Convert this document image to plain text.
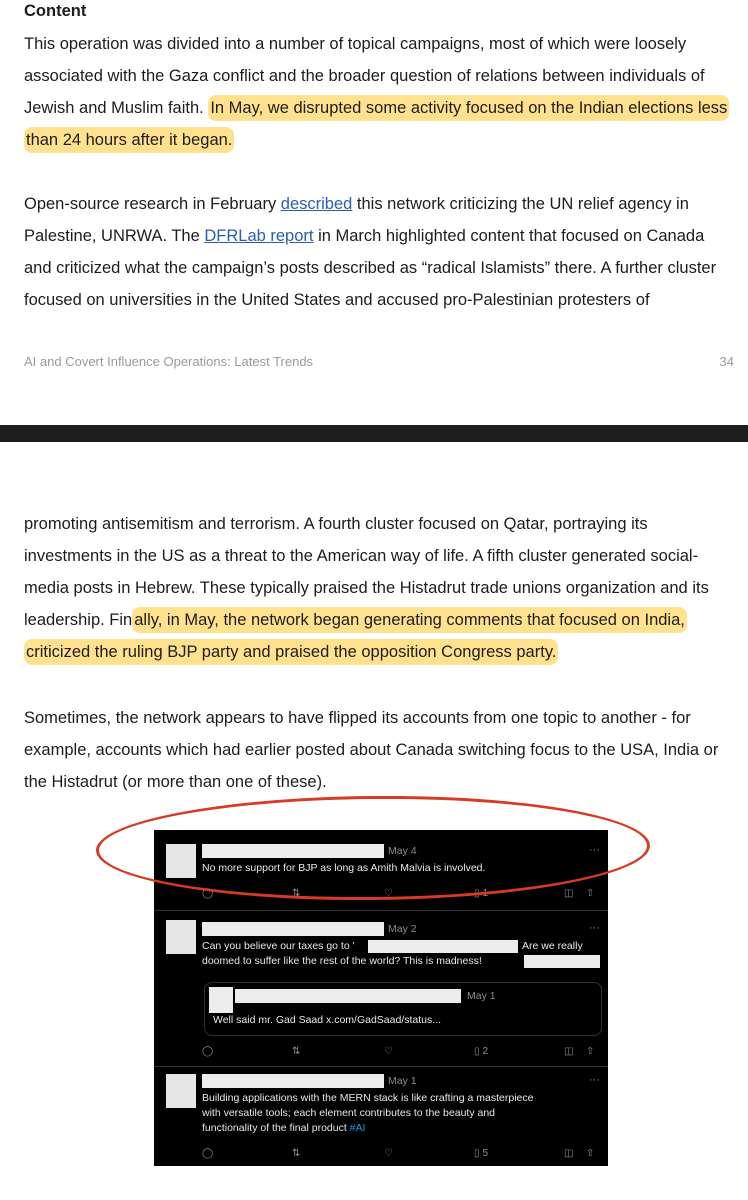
Content

This operation was divided into a number of topical campaigns, most of which were loosely associated with the Gaza conflict and the broader question of relations between individuals of Jewish and Muslim faith. In May, we disrupted some activity focused on the Indian elections less than 24 hours after it began.

Open-source research in February described this network criticizing the UN relief agency in Palestine, UNRWA. The DFRLab report in March highlighted content that focused on Canada and criticized what the campaign’s posts described as “radical Islamists” there. A further cluster focused on universities in the United States and accused pro-Palestinian protesters of

AI and Covert Influence Operations: Latest Trends	34

promoting antisemitism and terrorism. A fourth cluster focused on Qatar, portraying its investments in the US as a threat to the American way of life. A fifth cluster generated social-media posts in Hebrew. These typically praised the Histadrut trade unions organization and its leadership. Fin ally, in May, the network began generating comments that focused on India, criticized the ruling BJP party and praised the opposition Congress party.

Sometimes, the network appears to have flipped its accounts from one topic to another - for example, accounts which had earlier posted about Canada switching focus to the USA, India or the Histadrut (or more than one of these).

May 4	···
No more support for BJP as long as Amith Malvia is involved.
◯	⇅	♡	▯ 1	◫ ⇧
May 2	···
Can you believe our taxes go to '	Are we really
doomed to suffer like the rest of the world? This is madness!
May 1
Well said mr. Gad Saad x.com/GadSaad/status...
◯	⇅	♡	▯ 2	◫ ⇧
May 1	···
Building applications with the MERN stack is like crafting a masterpiece
with versatile tools; each element contributes to the beauty and
functionality of the final product #AI
◯	⇅	♡	▯ 5	◫ ⇧
